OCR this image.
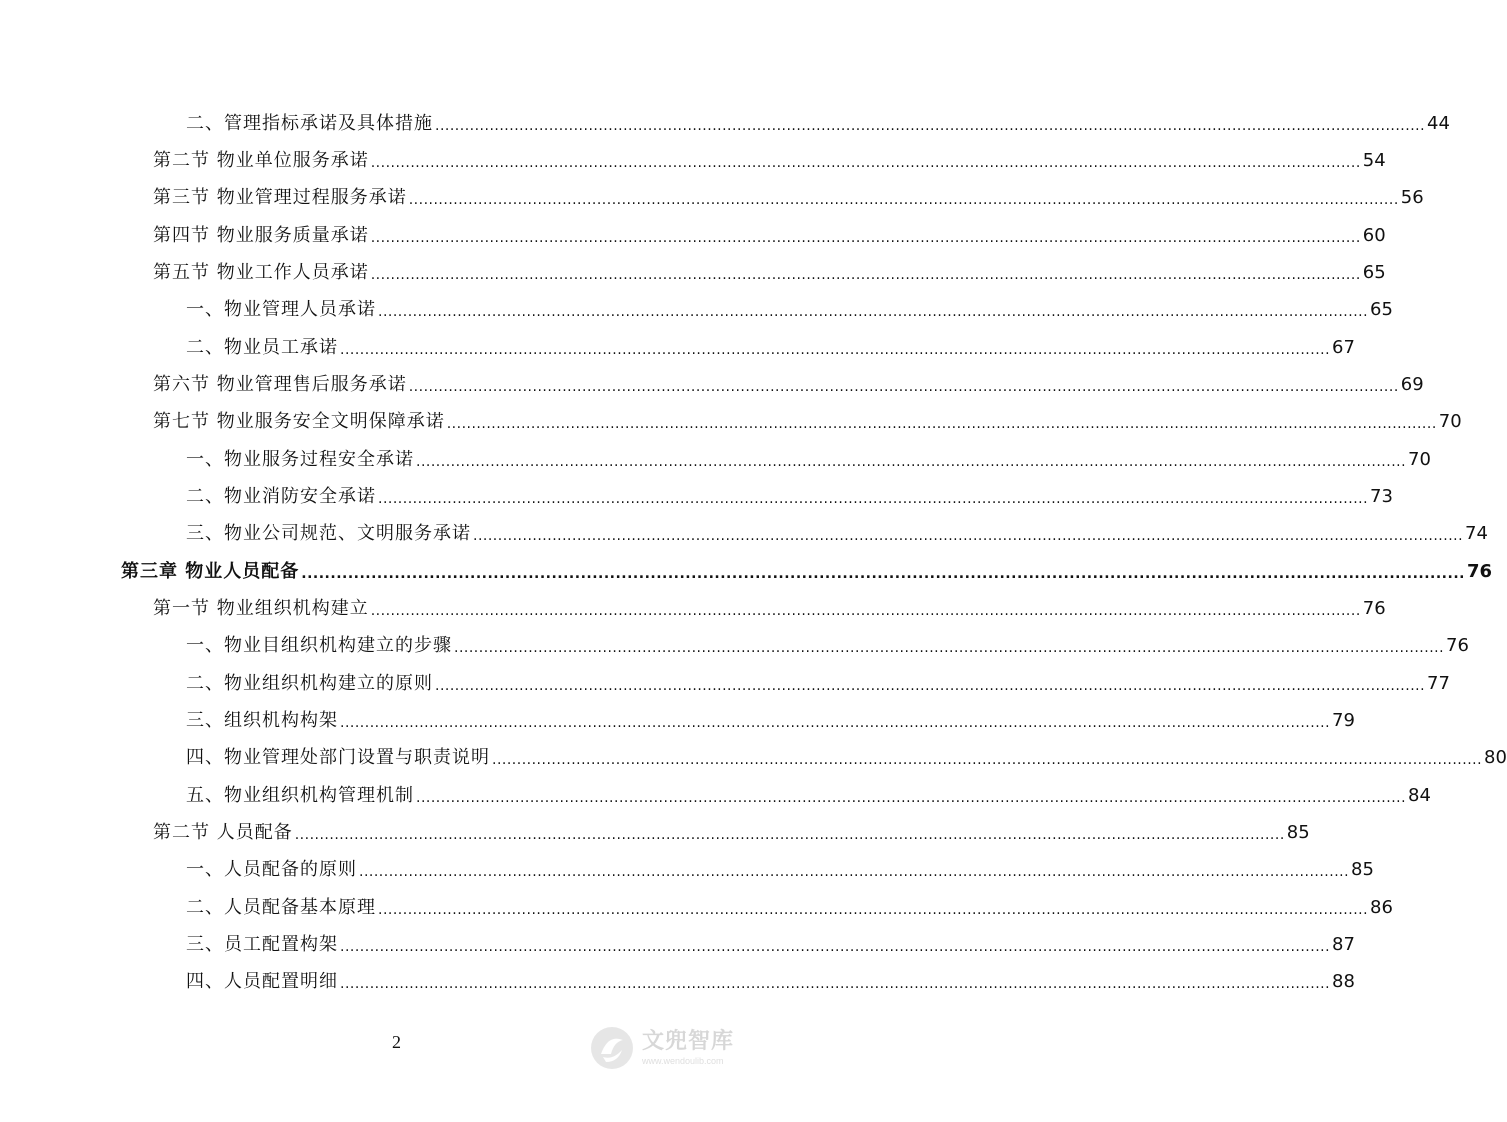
二、管理指标承诺及具体措施 ........................................................................................................................................................................................................ 44
第二节 物业单位服务承诺 ........................................................................................................................................................................................................ 54
第三节 物业管理过程服务承诺 ........................................................................................................................................................................................................ 56
第四节 物业服务质量承诺 ........................................................................................................................................................................................................ 60
第五节 物业工作人员承诺 ........................................................................................................................................................................................................ 65
一、物业管理人员承诺 ........................................................................................................................................................................................................ 65
二、物业员工承诺 ........................................................................................................................................................................................................ 67
第六节 物业管理售后服务承诺 ........................................................................................................................................................................................................ 69
第七节 物业服务安全文明保障承诺 ........................................................................................................................................................................................................ 70
一、物业服务过程安全承诺 ........................................................................................................................................................................................................ 70
二、物业消防安全承诺 ........................................................................................................................................................................................................ 73
三、物业公司规范、文明服务承诺 ........................................................................................................................................................................................................ 74
第三章 物业人员配备 ........................................................................................................................................................................................................ 76
第一节 物业组织机构建立 ........................................................................................................................................................................................................ 76
一、物业目组织机构建立的步骤 ........................................................................................................................................................................................................ 76
二、物业组织机构建立的原则 ........................................................................................................................................................................................................ 77
三、组织机构构架 ........................................................................................................................................................................................................ 79
四、物业管理处部门设置与职责说明 ........................................................................................................................................................................................................ 80
五、物业组织机构管理机制 ........................................................................................................................................................................................................ 84
第二节 人员配备 ........................................................................................................................................................................................................ 85
一、人员配备的原则 ........................................................................................................................................................................................................ 85
二、人员配备基本原理 ........................................................................................................................................................................................................ 86
三、员工配置构架 ........................................................................................................................................................................................................ 87
四、人员配置明细 ........................................................................................................................................................................................................ 88
2	文兜智库
www.wendoulib.com
